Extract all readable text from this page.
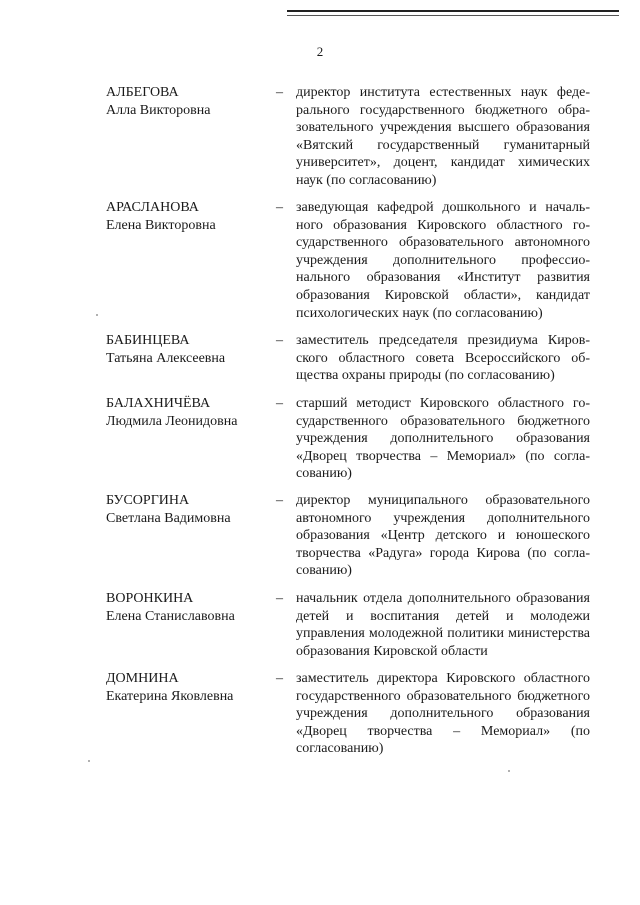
2
АЛБЕГОВА
Алла Викторовна
– директор института естественных наук федерального государственного бюджетного образовательного учреждения высшего образования «Вятский государственный гуманитарный университет», доцент, кандидат химических наук (по согласованию)
АРАСЛАНОВА
Елена Викторовна
– заведующая кафедрой дошкольного и начального образования Кировского областного государственного образовательного автономного учреждения дополнительного профессионального образования «Институт развития образования Кировской области», кандидат психологических наук (по согласованию)
БАБИНЦЕВА
Татьяна Алексеевна
– заместитель председателя президиума Кировского областного совета Всероссийского общества охраны природы (по согласованию)
БАЛАХНИЧЁВА
Людмила Леонидовна
– старший методист Кировского областного государственного образовательного бюджетного учреждения дополнительного образования «Дворец творчества – Мемориал» (по согласованию)
БУСОРГИНА
Светлана Вадимовна
– директор муниципального образовательного автономного учреждения дополнительного образования «Центр детского и юношеского творчества «Радуга» города Кирова (по согласованию)
ВОРОНКИНА
Елена Станиславовна
– начальник отдела дополнительного образования детей и воспитания детей и молодежи управления молодежной политики министерства образования Кировской области
ДОМНИНА
Екатерина Яковлевна
– заместитель директора Кировского областного государственного образовательного бюджетного учреждения дополнительного образования «Дворец творчества – Мемориал» (по согласованию)
